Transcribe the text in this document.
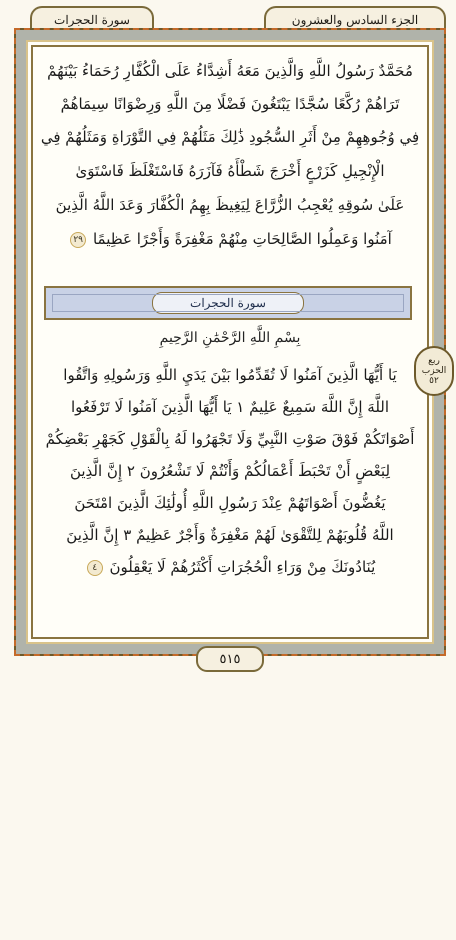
الجزء السادس والعشرون
سورة الحجرات
مُحَمَّدٌ رَسُولُ اللَّهِ وَالَّذِينَ مَعَهُ أَشِدَّاءُ عَلَى الْكُفَّارِ رُحَمَاءُ بَيْنَهُمْ
تَرَاهُمْ رُكَّعًا سُجَّدًا يَبْتَغُونَ فَضْلًا مِنَ اللَّهِ وَرِضْوَانًا سِيمَاهُمْ
فِي وُجُوهِهِمْ مِنْ أَثَرِ السُّجُودِ ذَٰلِكَ مَثَلُهُمْ فِي التَّوْرَاةِ وَمَثَلُهُمْ فِي
الْإِنْجِيلِ كَزَرْعٍ أَخْرَجَ شَطْأَهُ فَآزَرَهُ فَاسْتَغْلَظَ فَاسْتَوَىٰ
عَلَىٰ سُوقِهِ يُعْجِبُ الزُّرَّاعَ لِيَغِيظَ بِهِمُ الْكُفَّارَ وَعَدَ اللَّهُ الَّذِينَ
آمَنُوا وَعَمِلُوا الصَّالِحَاتِ مِنْهُمْ مَغْفِرَةً وَأَجْرًا عَظِيمًا ٢٩
سورة الحجرات
بِسْمِ اللَّهِ الرَّحْمَٰنِ الرَّحِيمِ
ربع
الحزب
٥٢
يَا أَيُّهَا الَّذِينَ آمَنُوا لَا تُقَدِّمُوا بَيْنَ يَدَيِ اللَّهِ وَرَسُولِهِ وَاتَّقُوا
اللَّهَ إِنَّ اللَّهَ سَمِيعٌ عَلِيمٌ ١ يَا أَيُّهَا الَّذِينَ آمَنُوا لَا تَرْفَعُوا
أَصْوَاتَكُمْ فَوْقَ صَوْتِ النَّبِيِّ وَلَا تَجْهَرُوا لَهُ بِالْقَوْلِ كَجَهْرِ بَعْضِكُمْ
لِبَعْضٍ أَنْ تَحْبَطَ أَعْمَالُكُمْ وَأَنْتُمْ لَا تَشْعُرُونَ ٢ إِنَّ الَّذِينَ
يَغُضُّونَ أَصْوَاتَهُمْ عِنْدَ رَسُولِ اللَّهِ أُولَٰئِكَ الَّذِينَ امْتَحَنَ
اللَّهُ قُلُوبَهُمْ لِلتَّقْوَىٰ لَهُمْ مَغْفِرَةٌ وَأَجْرٌ عَظِيمٌ ٣ إِنَّ الَّذِينَ
يُنَادُونَكَ مِنْ وَرَاءِ الْحُجُرَاتِ أَكْثَرُهُمْ لَا يَعْقِلُونَ ٤
٥١٥
